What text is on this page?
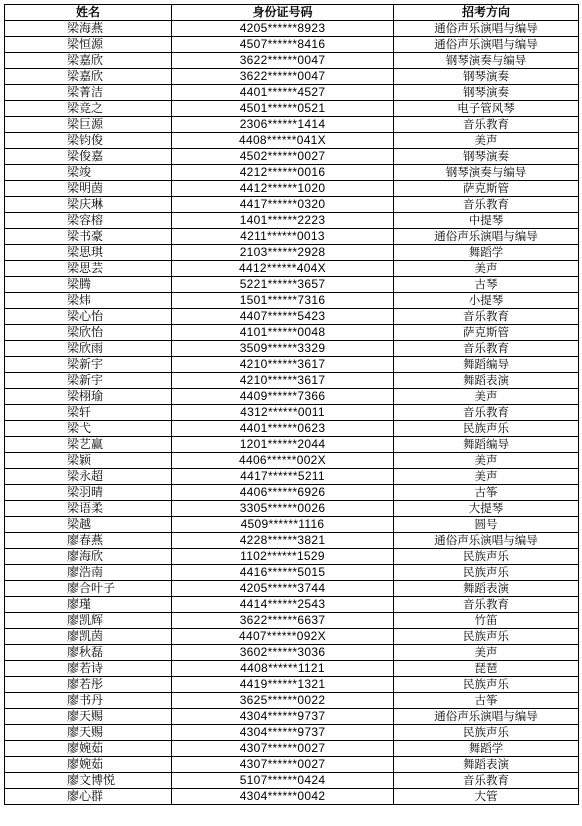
姓名	身份证号码	招考方向
梁海燕	4205******8923	通俗声乐演唱与编导
梁恒源	4507******8416	通俗声乐演唱与编导
梁嘉欣	3622******0047	钢琴演奏与编导
梁嘉欣	3622******0047	钢琴演奏
梁菁洁	4401******4527	钢琴演奏
梁竞之	4501******0521	电子管风琴
梁巨源	2306******1414	音乐教育
梁钧俊	4408******041X	美声
梁俊嘉	4502******0027	钢琴演奏
梁竣	4212******0016	钢琴演奏与编导
梁明茵	4412******1020	萨克斯管
梁庆琳	4417******0320	音乐教育
梁容榕	1401******2223	中提琴
梁书豪	4211******0013	通俗声乐演唱与编导
梁思琪	2103******2928	舞蹈学
梁思芸	4412******404X	美声
梁腾	5221******3657	古琴
梁炜	1501******7316	小提琴
梁心怡	4407******5423	音乐教育
梁欣怡	4101******0048	萨克斯管
梁欣雨	3509******3329	音乐教育
梁新宇	4210******3617	舞蹈编导
梁新宇	4210******3617	舞蹈表演
梁栩瑜	4409******7366	美声
梁轩	4312******0011	音乐教育
梁弋	4401******0623	民族声乐
梁艺赢	1201******2044	舞蹈编导
梁颖	4406******002X	美声
梁永超	4417******5211	美声
梁羽晴	4406******6926	古筝
梁语柔	3305******0026	大提琴
梁越	4509******1116	圆号
廖春燕	4228******3821	通俗声乐演唱与编导
廖海欣	1102******1529	民族声乐
廖浩南	4416******5015	民族声乐
廖合叶子	4205******3744	舞蹈表演
廖瑾	4414******2543	音乐教育
廖凯辉	3622******6637	竹笛
廖凯茵	4407******092X	民族声乐
廖秋磊	3602******3036	美声
廖若诗	4408******1121	琵琶
廖若彤	4419******1321	民族声乐
廖书丹	3625******0022	古筝
廖天赐	4304******9737	通俗声乐演唱与编导
廖天赐	4304******9737	民族声乐
廖婉茹	4307******0027	舞蹈学
廖婉茹	4307******0027	舞蹈表演
廖文博悦	5107******0424	音乐教育
廖心群	4304******0042	大管
